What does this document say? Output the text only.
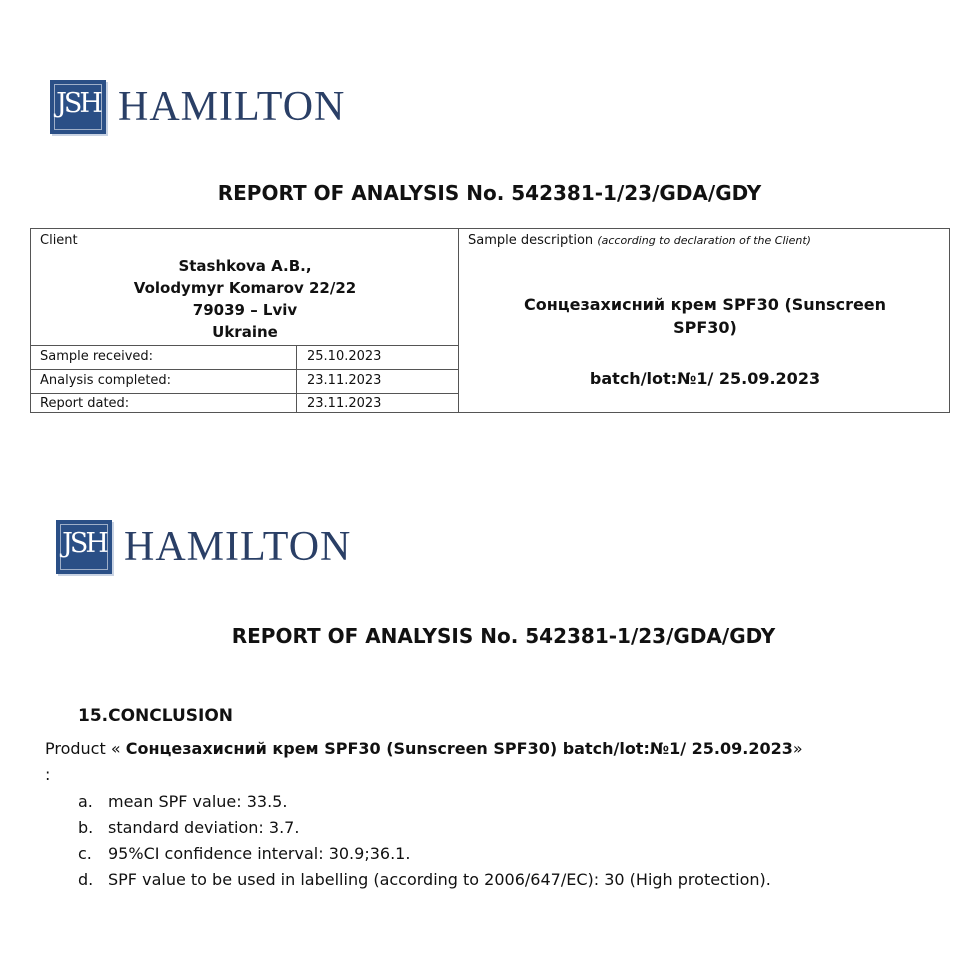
JSH HAMILTON
REPORT OF ANALYSIS No. 542381-1/23/GDA/GDY
Client
Stashkova A.B.,
Volodymyr Komarov 22/22
79039 – Lviv
Ukraine
Sample received:	25.10.2023
Analysis completed:	23.11.2023
Report dated:	23.11.2023
Sample description (according to declaration of the Client)
Сонцезахисний крем SPF30 (Sunscreen
SPF30)
batch/lot:№1/ 25.09.2023
JSH HAMILTON
REPORT OF ANALYSIS No. 542381-1/23/GDA/GDY
15.CONCLUSION
Product « Сонцезахисний крем SPF30 (Sunscreen SPF30) batch/lot:№1/ 25.09.2023»
:
a. mean SPF value: 33.5.
b. standard deviation: 3.7.
c. 95%CI confidence interval: 30.9;36.1.
d. SPF value to be used in labelling (according to 2006/647/EC): 30 (High protection).
